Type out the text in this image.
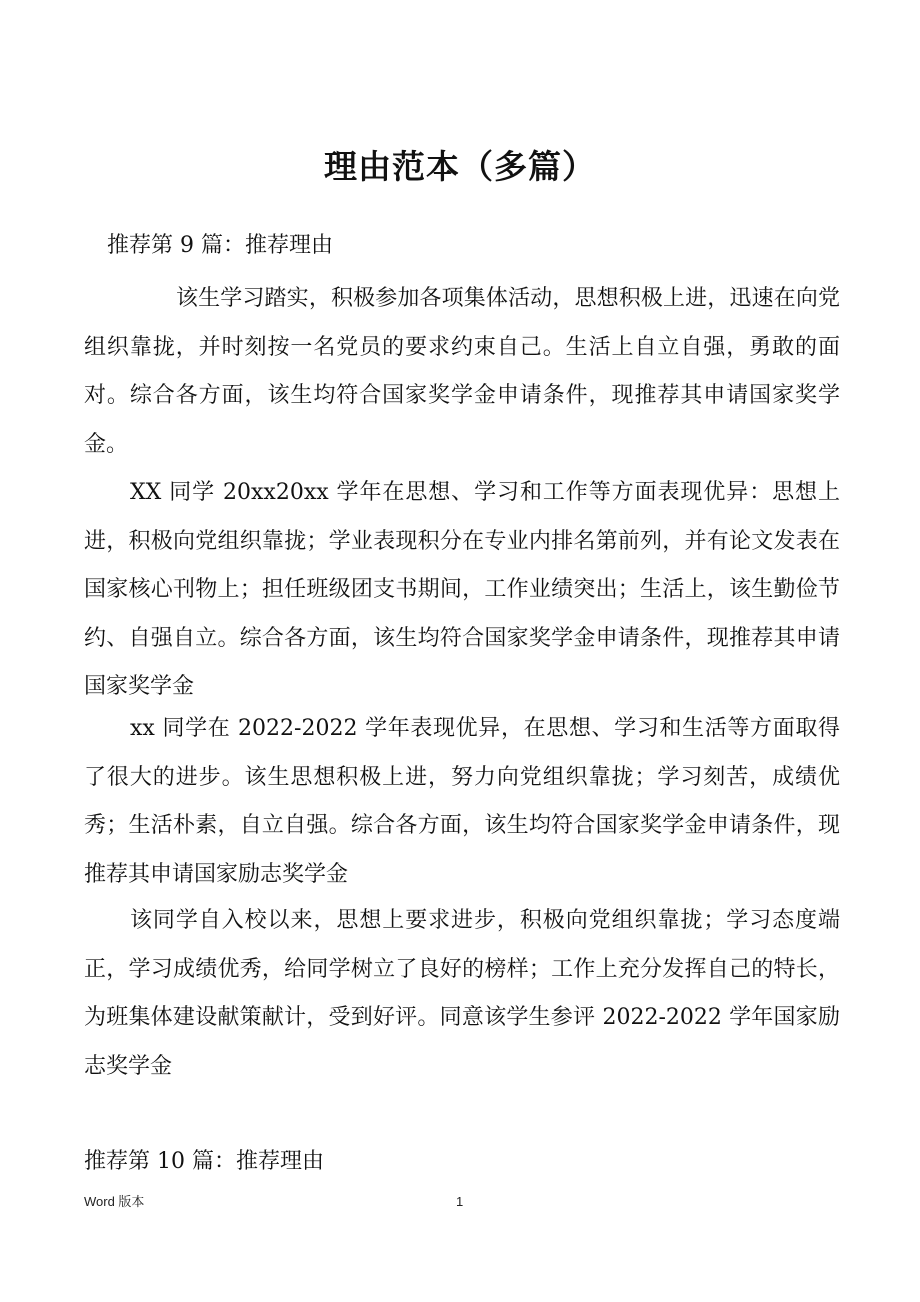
理由范本（多篇）
推荐第 9 篇：推荐理由

该生学习踏实，积极参加各项集体活动，思想积极上进，迅速在向党组织靠拢，并时刻按一名党员的要求约束自己。生活上自立自强，勇敢的面对。综合各方面，该生均符合国家奖学金申请条件，现推荐其申请国家奖学金。

XX 同学 20xx20xx 学年在思想、学习和工作等方面表现优异：思想上进，积极向党组织靠拢；学业表现积分在专业内排名第前列，并有论文发表在国家核心刊物上；担任班级团支书期间，工作业绩突出；生活上，该生勤俭节约、自强自立。综合各方面，该生均符合国家奖学金申请条件，现推荐其申请国家奖学金

xx 同学在 2022-2022 学年表现优异，在思想、学习和生活等方面取得了很大的进步。该生思想积极上进，努力向党组织靠拢；学习刻苦，成绩优秀；生活朴素，自立自强。综合各方面，该生均符合国家奖学金申请条件，现推荐其申请国家励志奖学金

该同学自入校以来，思想上要求进步，积极向党组织靠拢；学习态度端正，学习成绩优秀，给同学树立了良好的榜样；工作上充分发挥自己的特长，为班集体建设献策献计，受到好评。同意该学生参评 2022-2022 学年国家励志奖学金

推荐第 10 篇：推荐理由
Word 版本	1
